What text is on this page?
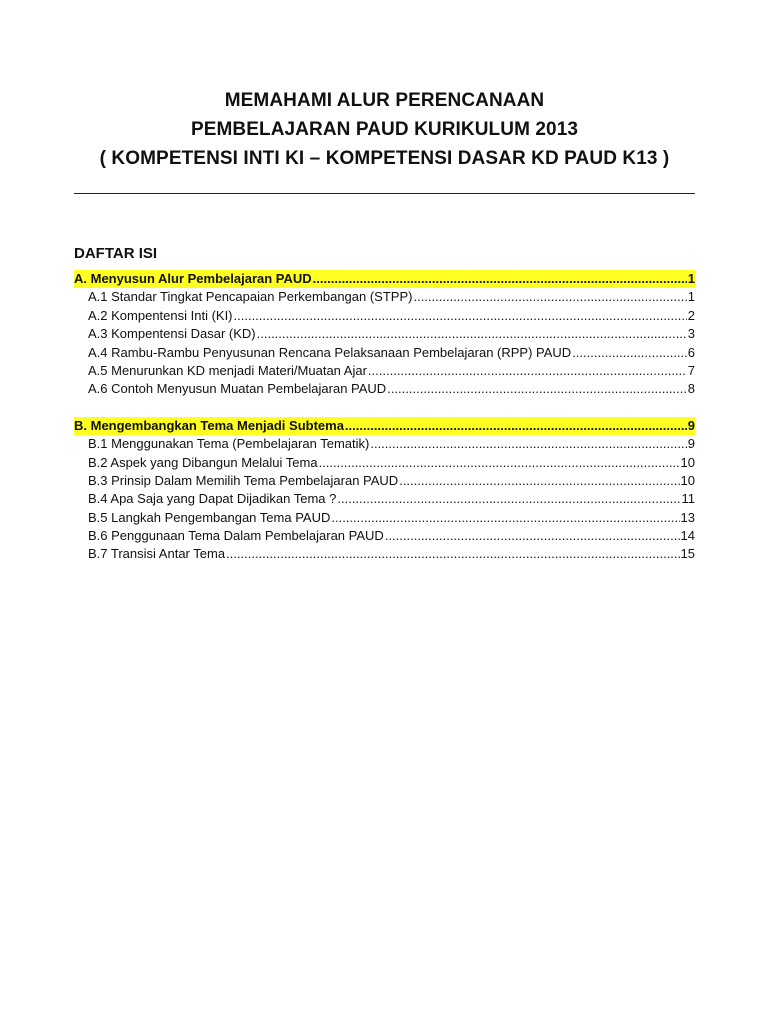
MEMAHAMI ALUR PERENCANAAN
PEMBELAJARAN PAUD KURIKULUM 2013
( KOMPETENSI INTI KI – KOMPETENSI DASAR KD PAUD K13 )
DAFTAR ISI
A. Menyusun Alur Pembelajaran PAUD .....	1
A.1 Standar Tingkat Pencapaian Perkembangan (STPP) .....	1
A.2 Kompentensi Inti (KI) .....	2
A.3 Kompentensi Dasar (KD) .....	3
A.4 Rambu-Rambu Penyusunan Rencana Pelaksanaan Pembelajaran (RPP) PAUD .....	6
A.5 Menurunkan KD menjadi Materi/Muatan Ajar .....	7
A.6 Contoh Menyusun Muatan Pembelajaran PAUD .....	8
B. Mengembangkan Tema Menjadi Subtema .....	9
B.1 Menggunakan Tema (Pembelajaran Tematik) .....	9
B.2 Aspek yang Dibangun Melalui Tema .....	10
B.3 Prinsip Dalam Memilih Tema Pembelajaran PAUD .....	10
B.4 Apa Saja yang Dapat Dijadikan Tema ? .....	11
B.5 Langkah Pengembangan Tema PAUD .....	13
B.6 Penggunaan Tema Dalam Pembelajaran PAUD .....	14
B.7 Transisi Antar Tema .....	15
